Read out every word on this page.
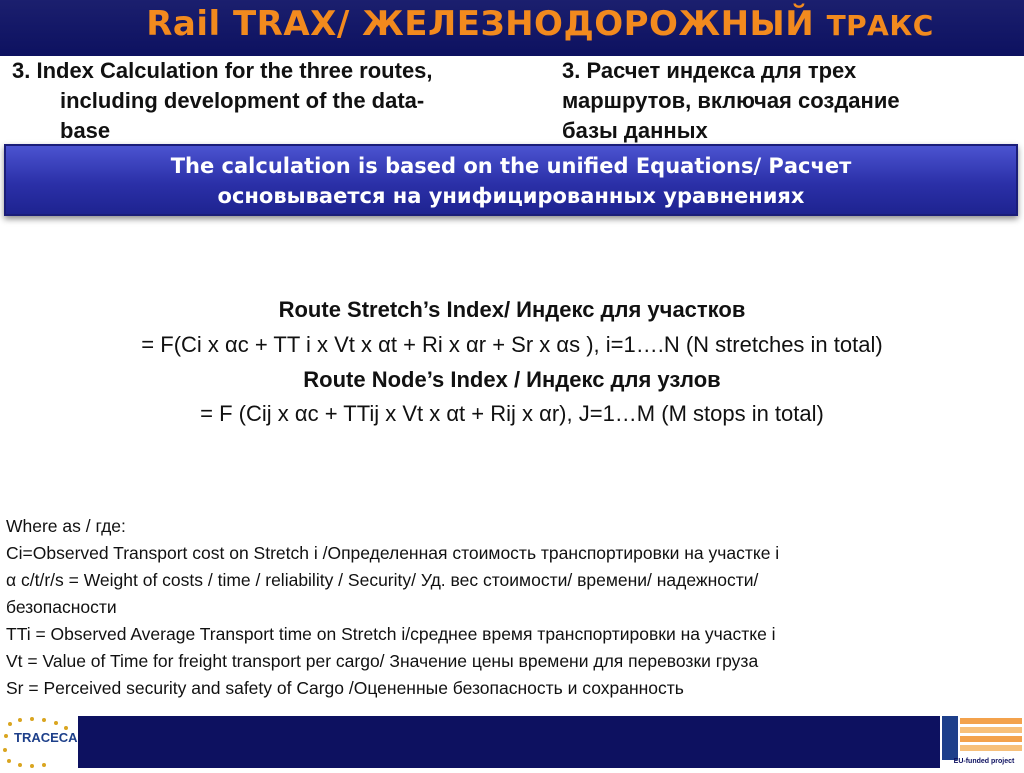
Rail TRAX/ ЖЕЛЕЗНОДОРОЖНЫЙ ТРАКС
3. Index Calculation for the three routes,
including development of the data-
base
3. Расчет индекса для трех
маршрутов, включая создание
базы данных
The calculation is based on the unified Equations/ Расчет
основывается на унифицированных уравнениях
Route Stretch’s Index/ Индекс для участков
= F(Ci x αc + TT i x Vt x αt + Ri x αr + Sr x αs ), i=1….N (N stretches in total)
Route Node’s Index / Индекс для узлов
= F (Cij x αc + TTij x Vt x αt + Rij x αr), J=1…M (M stops in total)
Where as / где:
Ci=Observed Transport cost on Stretch i /Определенная стоимость транспортировки на участке i
α c/t/r/s = Weight of costs / time / reliability / Security/ Уд. вес стоимости/ времени/ надежности/
безопасности
TTi = Observed Average Transport time on Stretch i/среднее время транспортировки на участке i
Vt = Value of Time for freight transport per cargo/ Значение цены времени для перевозки груза
Sr = Perceived security and safety of Cargo /Оцененные безопасность и сохранность
TRACECA
EU-funded project
